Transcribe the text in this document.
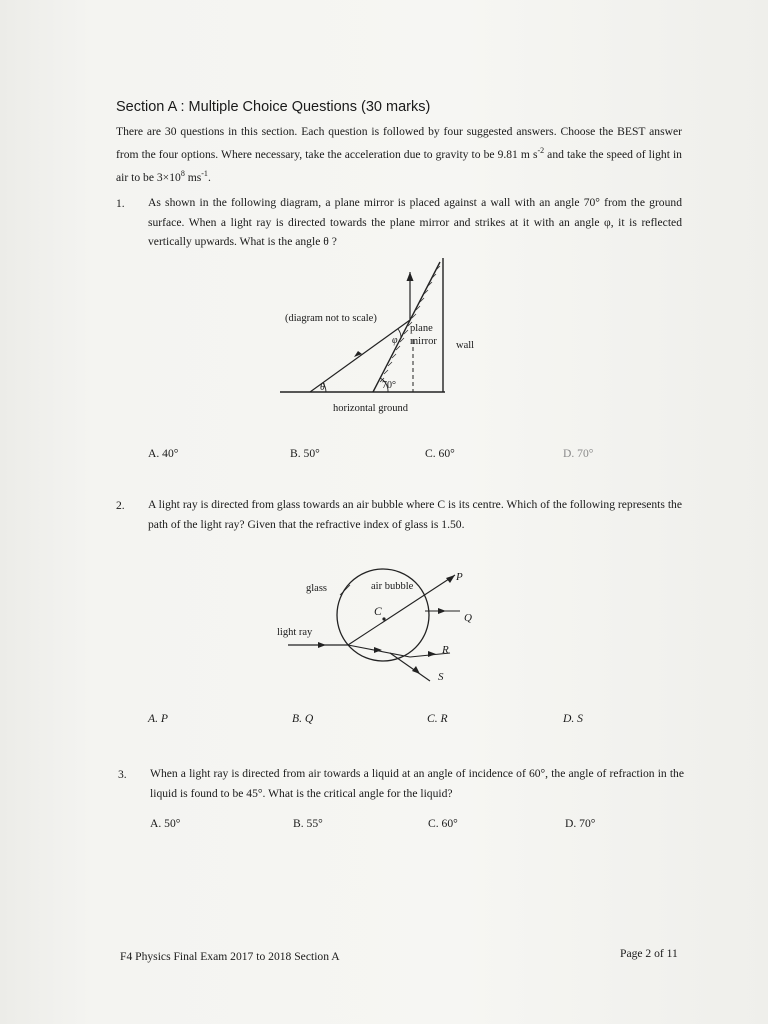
Section A : Multiple Choice Questions (30 marks)
There are 30 questions in this section. Each question is followed by four suggested answers. Choose the BEST answer from the four options. Where necessary, take the acceleration due to gravity to be 9.81 m $s^{-2}$ and take the speed of light in air to be $3\times 10^8$ $ms^{-1}$.
1. As shown in the following diagram, a plane mirror is placed against a wall with an angle 70° from the ground surface. When a light ray is directed towards the plane mirror and strikes at it with an angle φ, it is reflected vertically upwards. What is the angle θ ?
(diagram not to scale)
plane
mirror wall
horizontal ground
70°
θ
φ
A. 40°	B. 50°	C. 60°	D. 70°
2. A light ray is directed from glass towards an air bubble where C is its centre. Which of the following represents the path of the light ray? Given that the refractive index of glass is 1.50.
glass	air bubble
C
light ray
P
Q
R
S
A. P	B. Q	C. R	D. S
3. When a light ray is directed from air towards a liquid at an angle of incidence of 60°, the angle of refraction in the liquid is found to be 45°. What is the critical angle for the liquid?
A. 50°	B. 55°	C. 60°	D. 70°
F4 Physics Final Exam 2017 to 2018 Section A	Page 2 of 11
